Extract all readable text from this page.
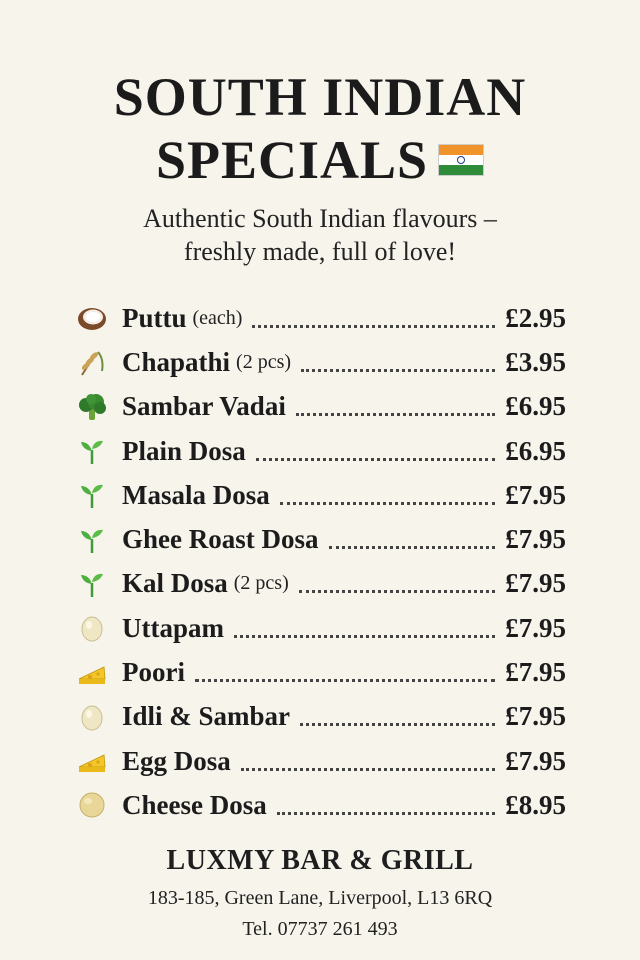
SOUTH INDIAN
SPECIALS
Authentic South Indian flavours –
freshly made, full of love!
Puttu (each)	£2.95
Chapathi (2 pcs)	£3.95
Sambar Vadai	£6.95
Plain Dosa	£6.95
Masala Dosa	£7.95
Ghee Roast Dosa	£7.95
Kal Dosa (2 pcs)	£7.95
Uttapam	£7.95
Poori	£7.95
Idli & Sambar	£7.95
Egg Dosa	£7.95
Cheese Dosa	£8.95
LUXMY BAR & GRILL
183-185, Green Lane, Liverpool, L13 6RQ
Tel. 07737 261 493
